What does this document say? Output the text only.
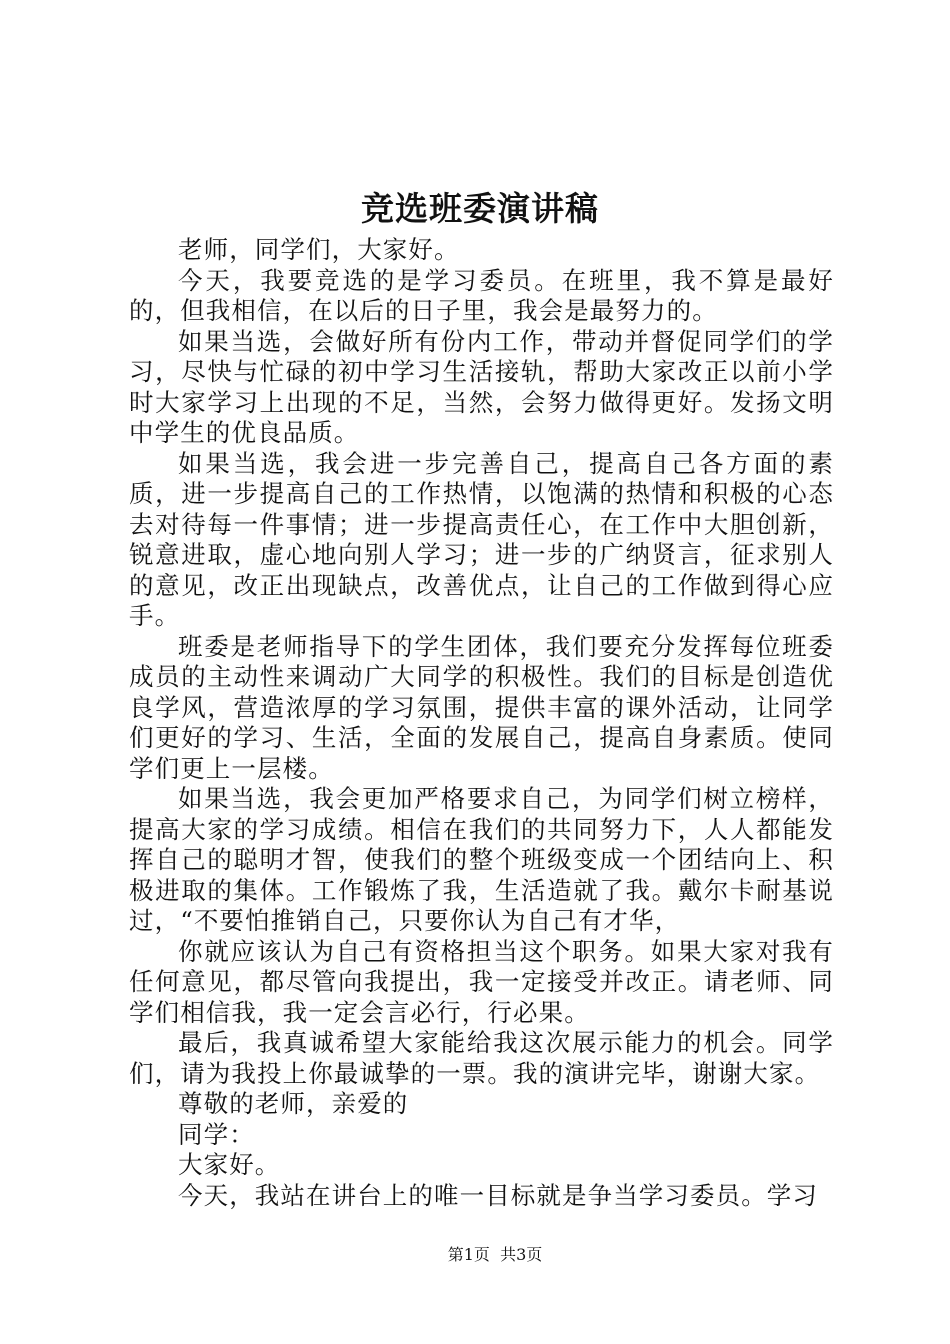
竞选班委演讲稿

老师，同学们，大家好。

今天，我要竞选的是学习委员。在班里，我不算是最好的，但我相信，在以后的日子里，我会是最努力的。

如果当选，会做好所有份内工作，带动并督促同学们的学习，尽快与忙碌的初中学习生活接轨，帮助大家改正以前小学时大家学习上出现的不足，当然，会努力做得更好。发扬文明中学生的优良品质。

如果当选，我会进一步完善自己，提高自己各方面的素质，进一步提高自己的工作热情，以饱满的热情和积极的心态去对待每一件事情；进一步提高责任心，在工作中大胆创新，锐意进取，虚心地向别人学习；进一步的广纳贤言，征求别人的意见，改正出现缺点，改善优点，让自己的工作做到得心应手。

班委是老师指导下的学生团体，我们要充分发挥每位班委成员的主动性来调动广大同学的积极性。我们的目标是创造优良学风，营造浓厚的学习氛围，提供丰富的课外活动，让同学们更好的学习、生活，全面的发展自己，提高自身素质。使同学们更上一层楼。

如果当选，我会更加严格要求自己，为同学们树立榜样，提高大家的学习成绩。相信在我们的共同努力下，人人都能发挥自己的聪明才智，使我们的整个班级变成一个团结向上、积极进取的集体。工作锻炼了我，生活造就了我。戴尔卡耐基说过，“不要怕推销自己，只要你认为自己有才华，

你就应该认为自己有资格担当这个职务。如果大家对我有任何意见，都尽管向我提出，我一定接受并改正。请老师、同学们相信我，我一定会言必行，行必果。

最后，我真诚希望大家能给我这次展示能力的机会。同学们，请为我投上你最诚挚的一票。我的演讲完毕，谢谢大家。

尊敬的老师，亲爱的

同学：

大家好。

今天，我站在讲台上的唯一目标就是争当学习委员。学习

第1页 共3页
